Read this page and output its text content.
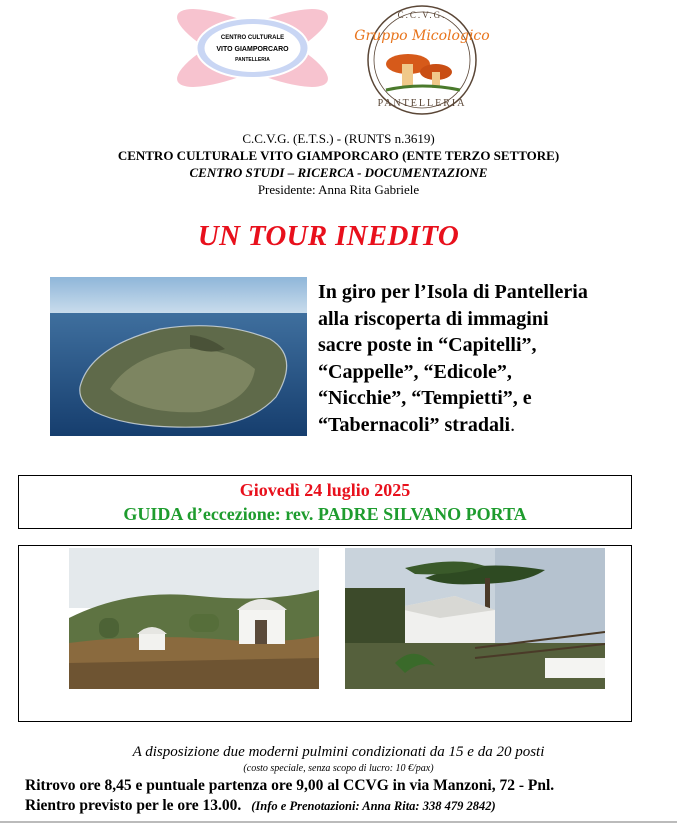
CENTRO CULTURALE
VITO GIAMPORCARO
PANTELLERIA
C.C.V.G.
Gruppo Micologico
PANTELLERIA
C.C.V.G. (E.T.S.) - (RUNTS n.3619)
CENTRO CULTURALE VITO GIAMPORCARO (ENTE TERZO SETTORE)
CENTRO STUDI – RICERCA - DOCUMENTAZIONE
Presidente: Anna Rita Gabriele
UN TOUR INEDITO
In giro per l’Isola di Pantelleria
alla riscoperta di immagini
sacre poste in “Capitelli”,
“Cappelle”, “Edicole”,
“Nicchie”, “Tempietti”, e
“Tabernacoli” stradali.
Giovedì 24 luglio 2025
GUIDA d’eccezione: rev. PADRE SILVANO PORTA
A disposizione due moderni pulmini condizionati da 15 e da 20 posti
(costo speciale, senza scopo di lucro: 10 €/pax)
Ritrovo ore 8,45 e puntuale partenza ore 9,00 al CCVG in via Manzoni, 72 - Pnl.
Rientro previsto per le ore 13.00. (Info e Prenotazioni: Anna Rita: 338 479 2842)
